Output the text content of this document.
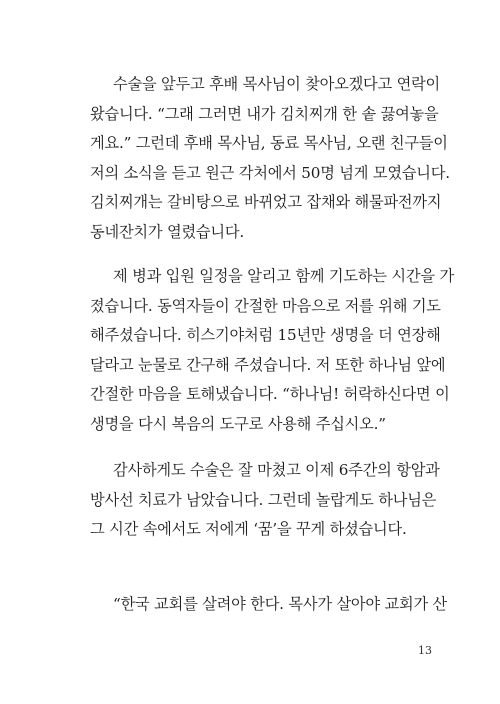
수술을 앞두고 후배 목사님이 찾아오겠다고 연락이
왔습니다. “그래 그러면 내가 김치찌개 한 솥 끓여놓을
게요.” 그런데 후배 목사님, 동료 목사님, 오랜 친구들이
저의 소식을 듣고 원근 각처에서 50명 넘게 모였습니다.
김치찌개는 갈비탕으로 바뀌었고 잡채와 해물파전까지
동네잔치가 열렸습니다.
제 병과 입원 일정을 알리고 함께 기도하는 시간을 가
졌습니다. 동역자들이 간절한 마음으로 저를 위해 기도
해주셨습니다. 히스기야처럼 15년만 생명을 더 연장해
달라고 눈물로 간구해 주셨습니다. 저 또한 하나님 앞에
간절한 마음을 토해냈습니다. “하나님! 허락하신다면 이
생명을 다시 복음의 도구로 사용해 주십시오.”
감사하게도 수술은 잘 마쳤고 이제 6주간의 항암과
방사선 치료가 남았습니다. 그런데 놀랍게도 하나님은
그 시간 속에서도 저에게 ‘꿈’을 꾸게 하셨습니다.
“한국 교회를 살려야 한다. 목사가 살아야 교회가 산
13
